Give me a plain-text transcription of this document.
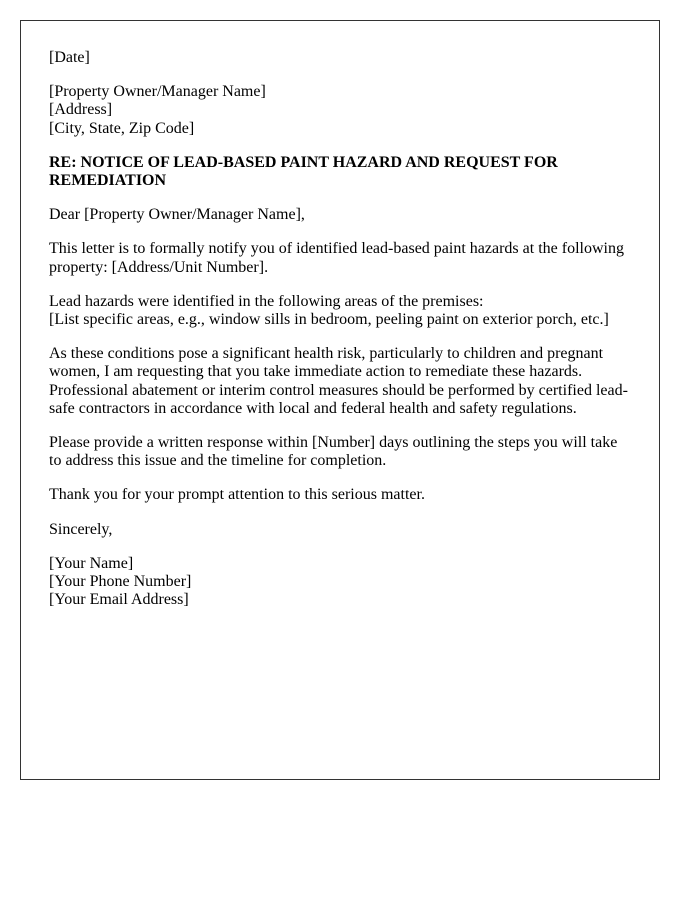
[Date]
[Property Owner/Manager Name]
[Address]
[City, State, Zip Code]
RE: NOTICE OF LEAD-BASED PAINT HAZARD AND REQUEST FOR REMEDIATION

Dear [Property Owner/Manager Name],

This letter is to formally notify you of identified lead-based paint hazards at the following property: [Address/Unit Number].

Lead hazards were identified in the following areas of the premises:
[List specific areas, e.g., window sills in bedroom, peeling paint on exterior porch, etc.]

As these conditions pose a significant health risk, particularly to children and pregnant women, I am requesting that you take immediate action to remediate these hazards. Professional abatement or interim control measures should be performed by certified lead-safe contractors in accordance with local and federal health and safety regulations.

Please provide a written response within [Number] days outlining the steps you will take to address this issue and the timeline for completion.

Thank you for your prompt attention to this serious matter.

Sincerely,

[Your Name]
[Your Phone Number]
[Your Email Address]
